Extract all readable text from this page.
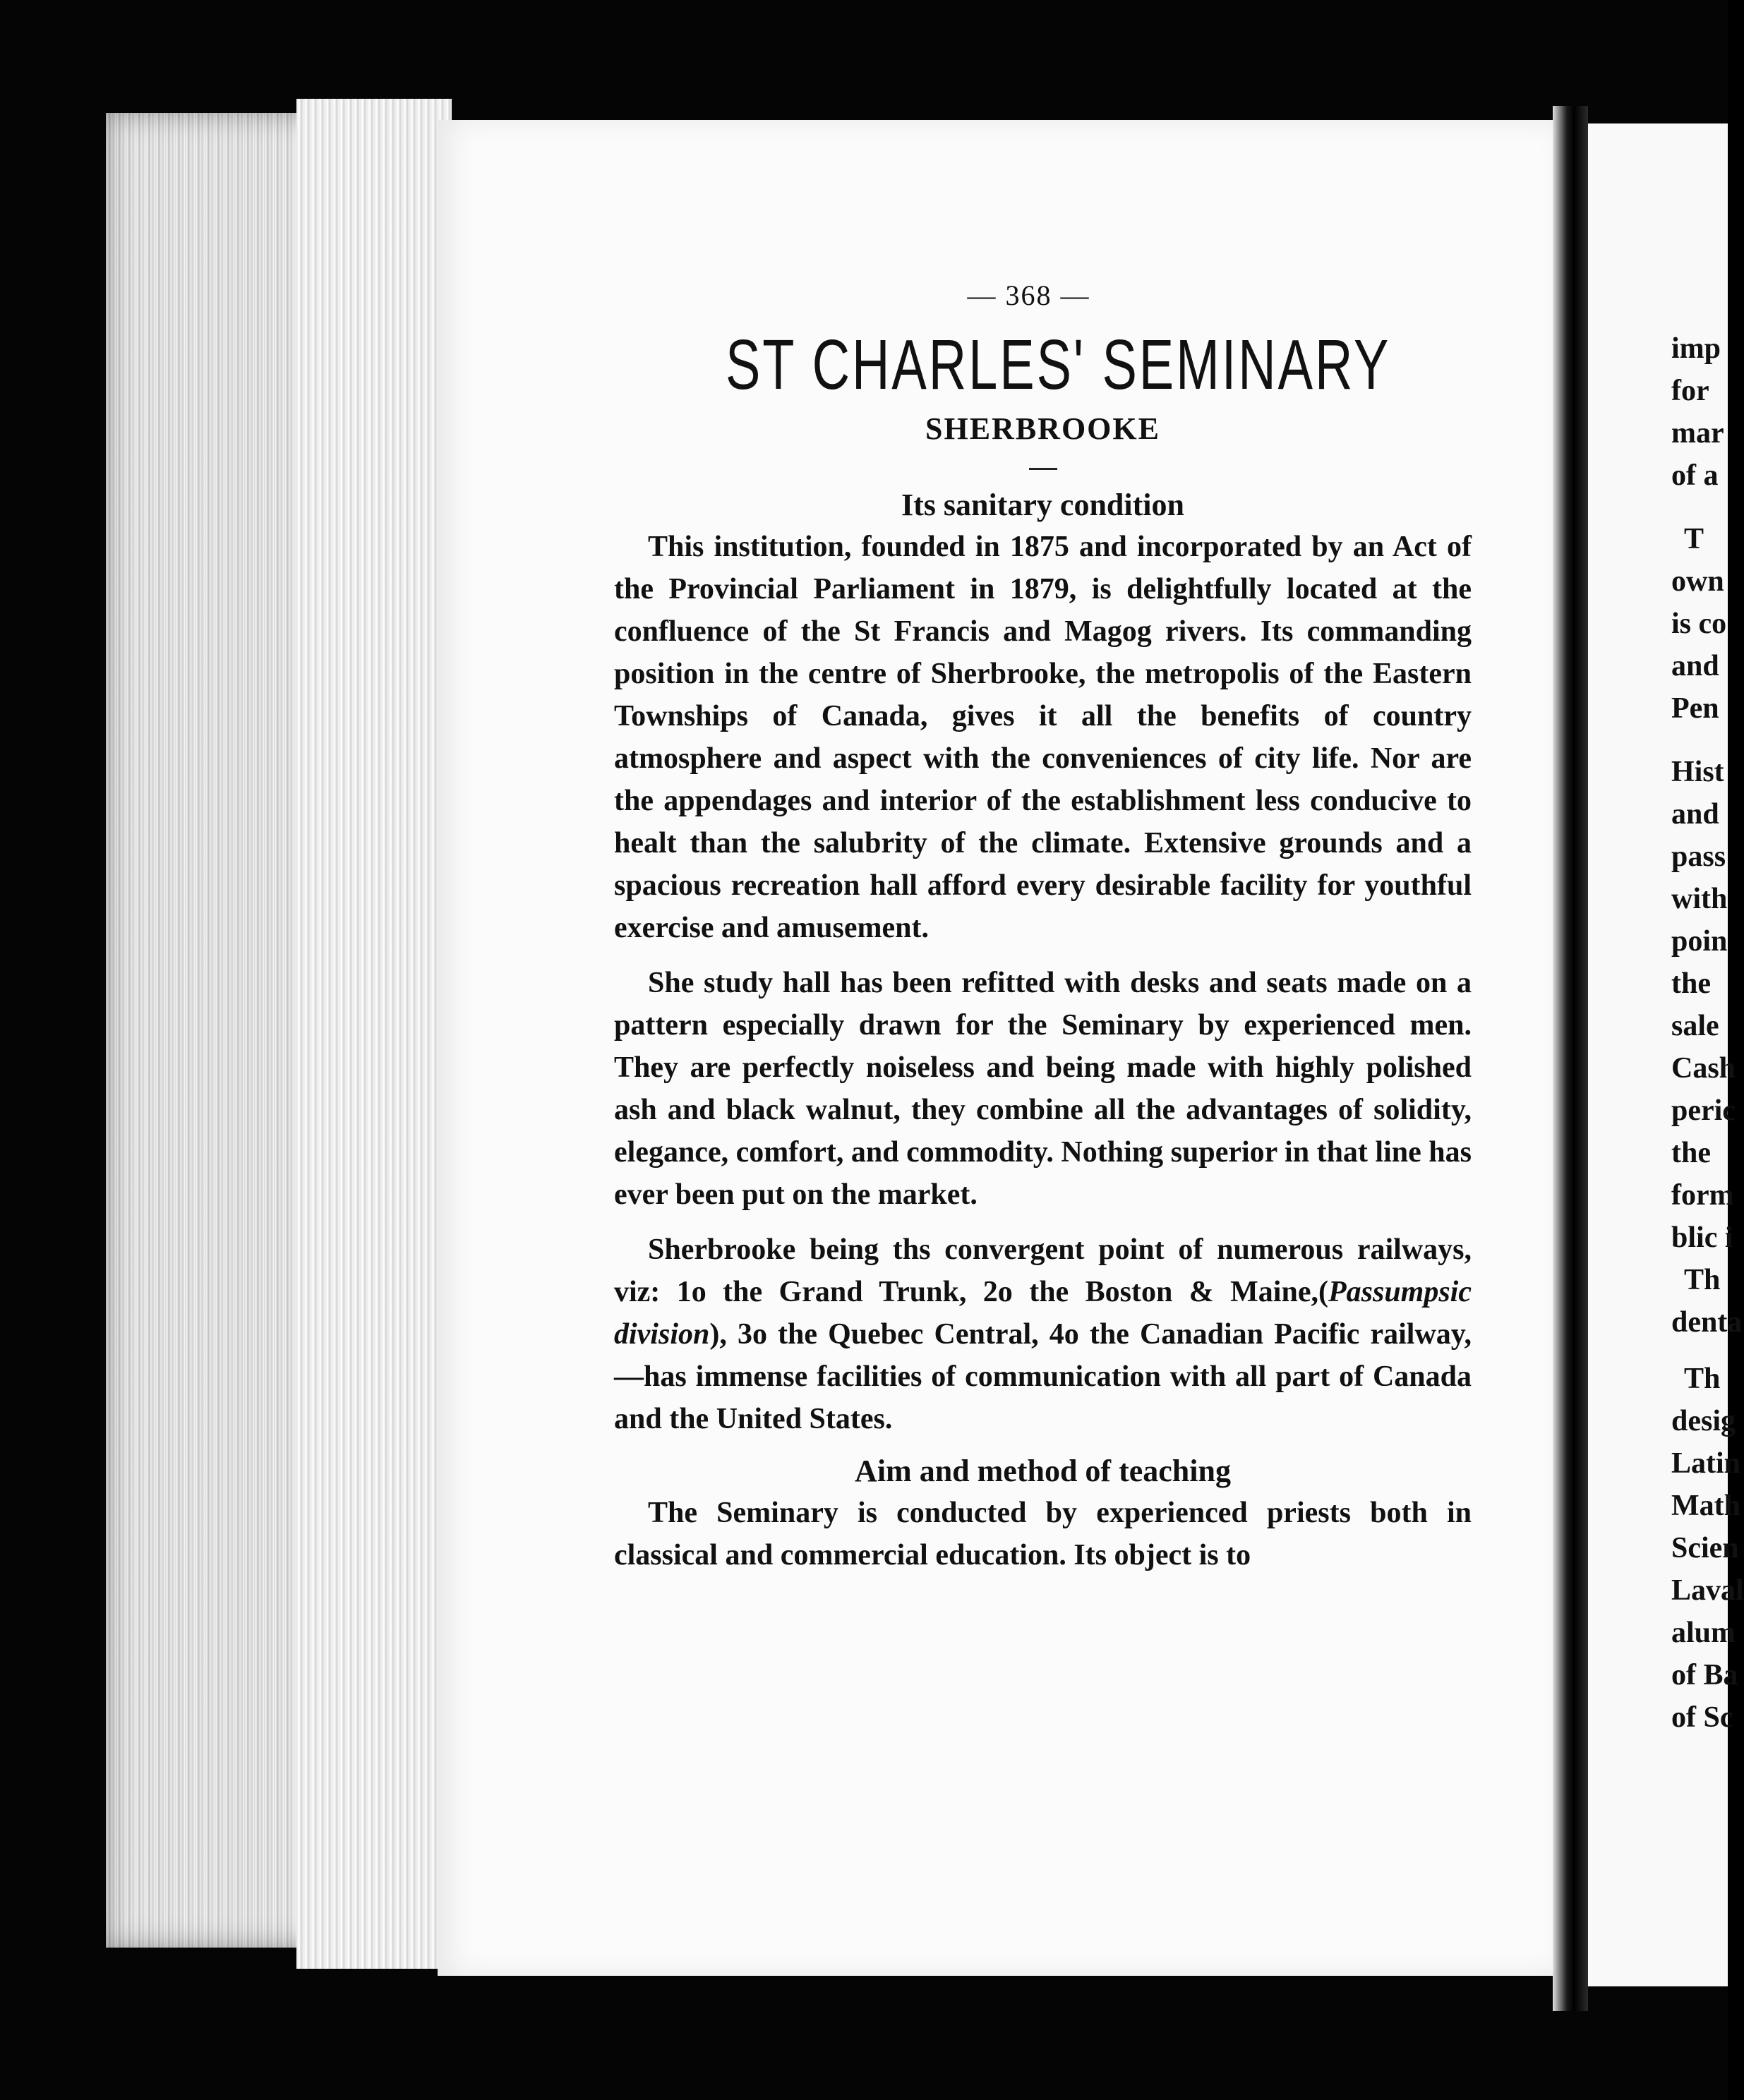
— 368 —
ST CHARLES' SEMINARY
SHERBROOKE
Its sanitary condition

This institution, founded in 1875 and incorporated by an Act of the Provincial Parliament in 1879, is delightfully located at the confluence of the St Francis and Magog rivers. Its commanding position in the centre of Sherbrooke, the metropolis of the Eastern Townships of Canada, gives it all the benefits of country atmosphere and aspect with the conveniences of city life. Nor are the appendages and interior of the establishment less conducive to healt than the salubrity of the climate. Extensive grounds and a spacious recreation hall afford every desirable facility for youthful exercise and amusement.

She study hall has been refitted with desks and seats made on a pattern especially drawn for the Seminary by experienced men. They are perfectly noiseless and being made with highly polished ash and black walnut, they combine all the advantages of solidity, elegance, comfort, and commodity. Nothing superior in that line has ever been put on the market.

Sherbrooke being ths convergent point of numerous railways, viz: 1o the Grand Trunk, 2o the Boston & Maine,(Passumpsic division), 3o the Quebec Central, 4o the Canadian Pacific railway,—has immense facilities of communication with all part of Canada and the United States.

Aim and method of teaching

The Seminary is conducted by experienced priests both in classical and commercial education. Its object is to

imp
for
mar
of a
T
own
is co
and
Pen
Hist
and
pass
with
poin
the
sale
Cash
peric
the
form
blic i
Th
denta
Th
desig
Latin
Math
Scien
Laval
alum
of Ba
of Sc
